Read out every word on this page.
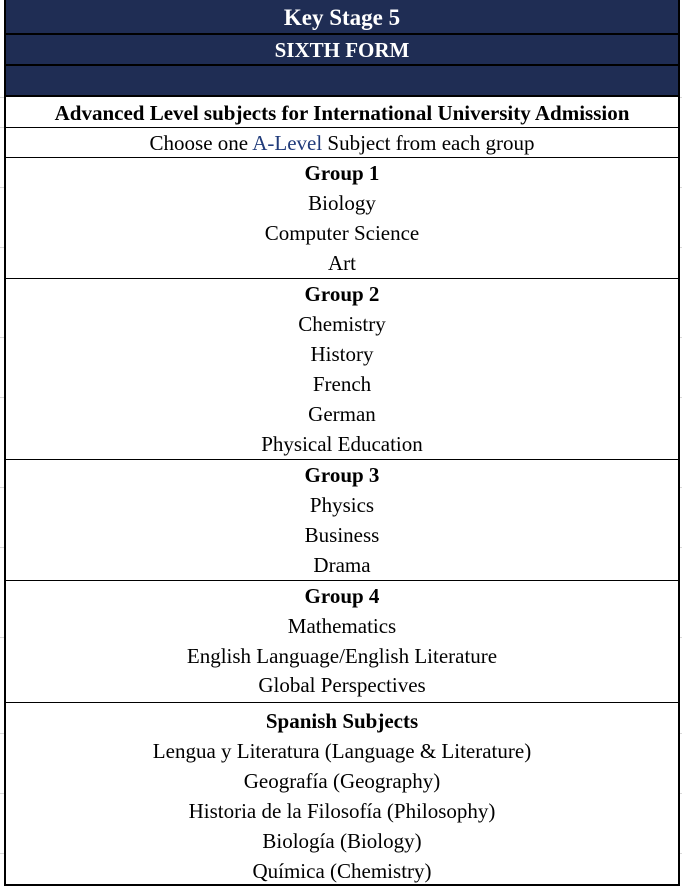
Key Stage 5
SIXTH FORM
Advanced Level subjects for International University Admission
Choose one A-Level Subject from each group
Group 1
Biology
Computer Science
Art
Group 2
Chemistry
History
French
German
Physical Education
Group 3
Physics
Business
Drama
Group 4
Mathematics
English Language/English Literature
Global Perspectives
Spanish Subjects
Lengua y Literatura (Language & Literature)
Geografía (Geography)
Historia de la Filosofía (Philosophy)
Biología (Biology)
Química (Chemistry)
